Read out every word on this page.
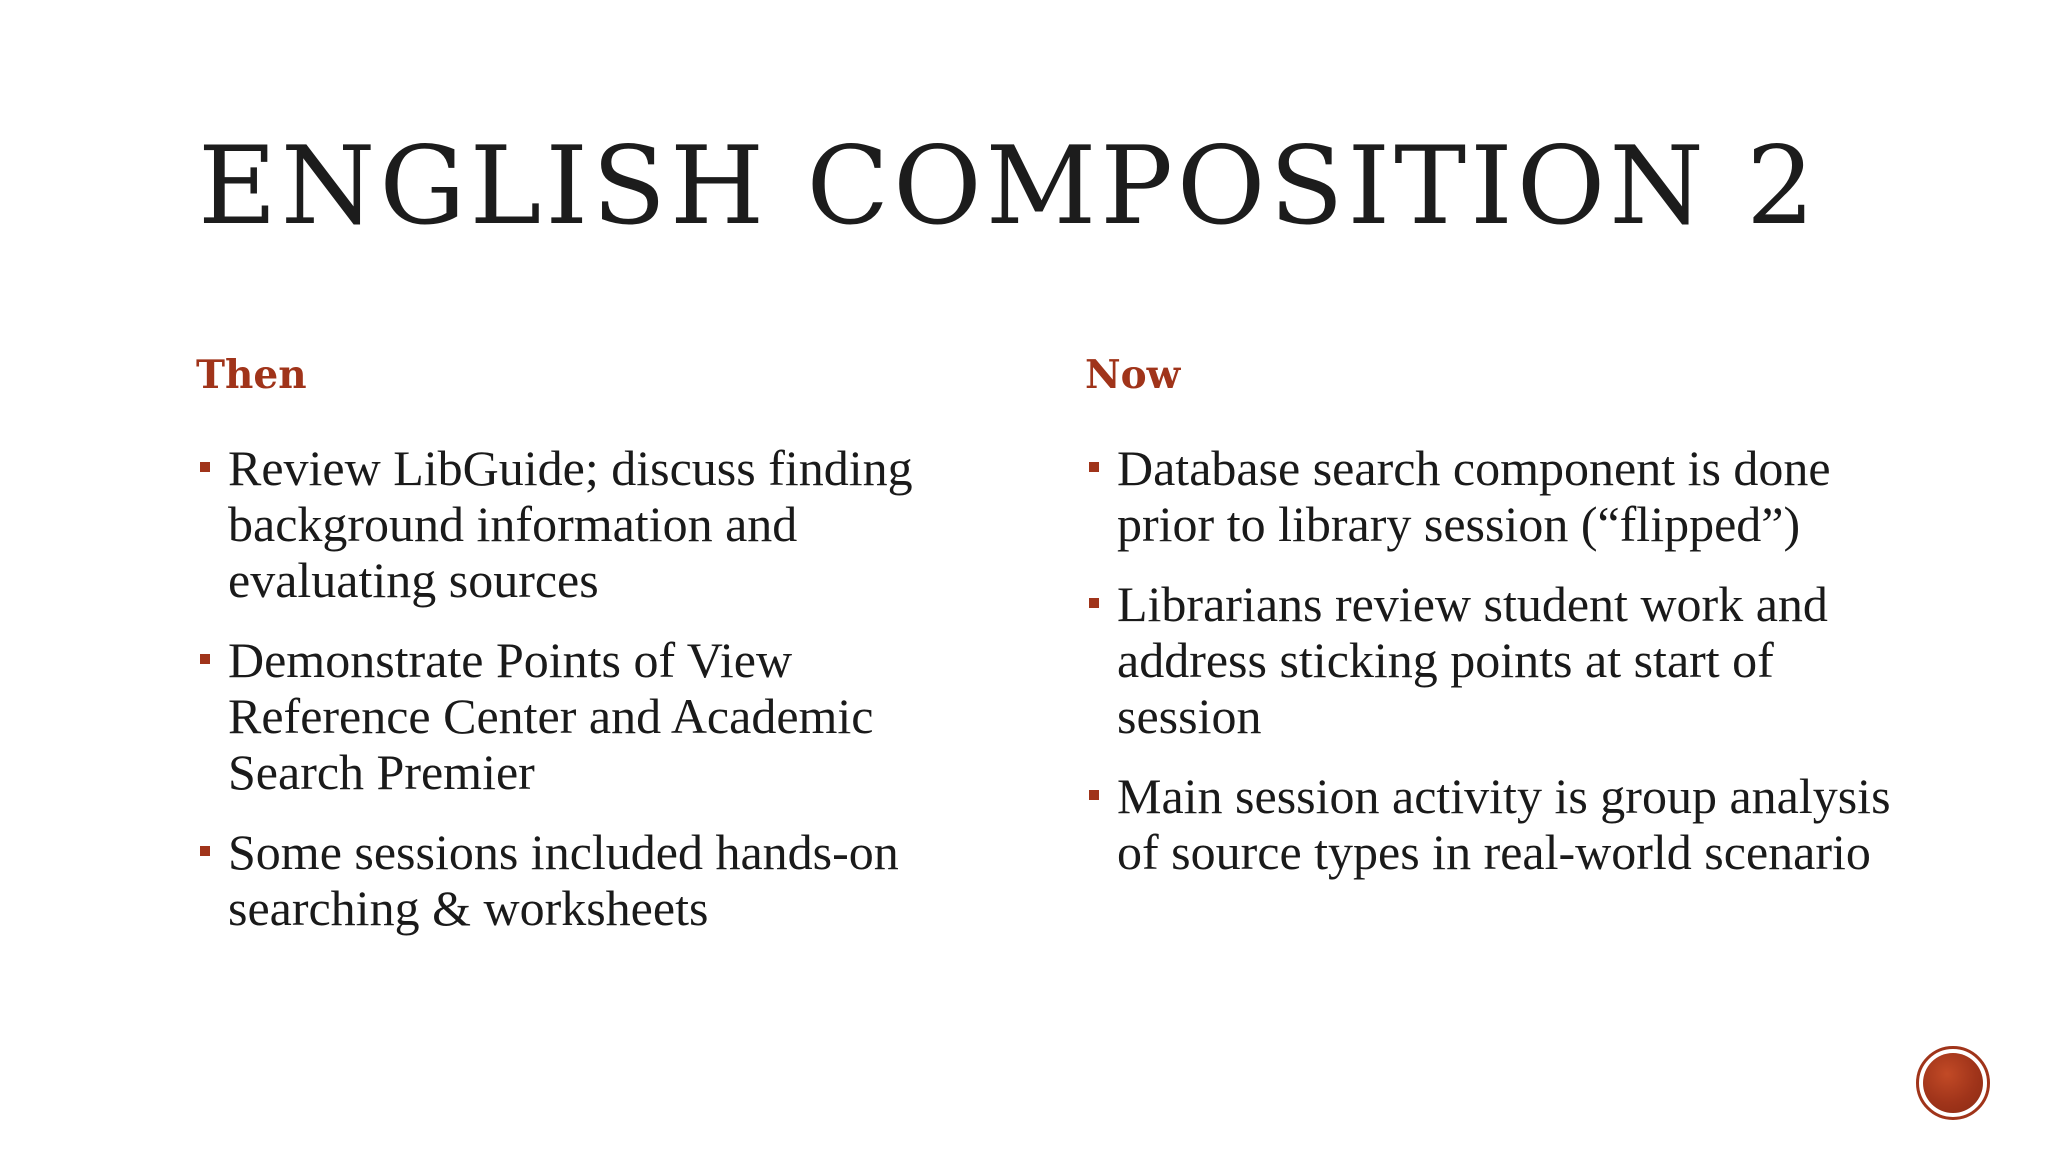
ENGLISH COMPOSITION 2
Then	Now
Review LibGuide; discuss finding background information and evaluating sources
Demonstrate Points of View Reference Center and Academic Search Premier
Some sessions included hands-on searching & worksheets
Database search component is done prior to library session (“flipped”)
Librarians review student work and address sticking points at start of session
Main session activity is group analysis of source types in real-world scenario
